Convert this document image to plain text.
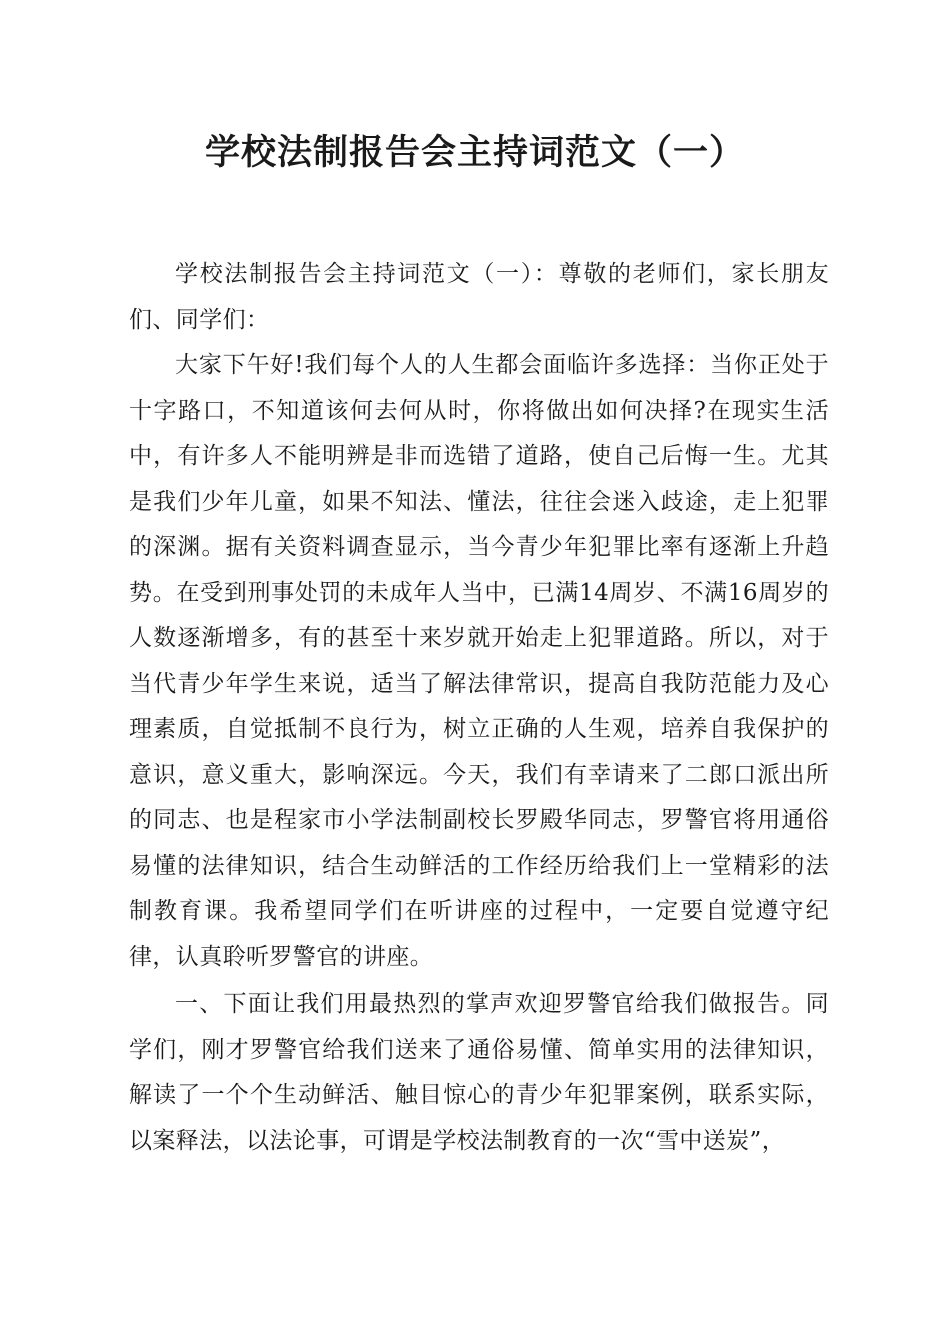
学校法制报告会主持词范文（一）

学校法制报告会主持词范文（一）：尊敬的老师们，家长朋友们、同学们：

大家下午好!我们每个人的人生都会面临许多选择：当你正处于十字路口，不知道该何去何从时，你将做出如何决择?在现实生活中，有许多人不能明辨是非而选错了道路，使自己后悔一生。尤其是我们少年儿童，如果不知法、懂法，往往会迷入歧途，走上犯罪的深渊。据有关资料调查显示，当今青少年犯罪比率有逐渐上升趋势。在受到刑事处罚的未成年人当中，已满14周岁、不满16周岁的人数逐渐增多，有的甚至十来岁就开始走上犯罪道路。所以，对于当代青少年学生来说，适当了解法律常识，提高自我防范能力及心理素质，自觉抵制不良行为，树立正确的人生观，培养自我保护的意识，意义重大，影响深远。今天，我们有幸请来了二郎口派出所的同志、也是程家市小学法制副校长罗殿华同志，罗警官将用通俗易懂的法律知识，结合生动鲜活的工作经历给我们上一堂精彩的法制教育课。我希望同学们在听讲座的过程中，一定要自觉遵守纪律，认真聆听罗警官的讲座。

一、下面让我们用最热烈的掌声欢迎罗警官给我们做报告。同学们，刚才罗警官给我们送来了通俗易懂、简单实用的法律知识，解读了一个个生动鲜活、触目惊心的青少年犯罪案例，联系实际，以案释法，以法论事，可谓是学校法制教育的一次“雪中送炭”，
